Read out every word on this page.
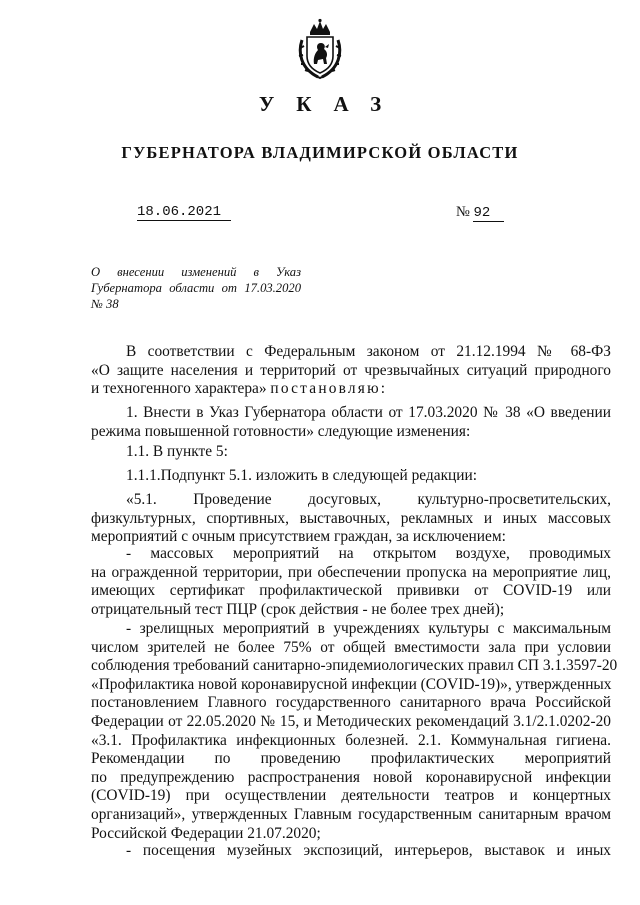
УКАЗ
ГУБЕРНАТОРА ВЛАДИМИРСКОЙ ОБЛАСТИ
18.06.2021	№ 92
О внесении изменений в Указ
Губернатора области от 17.03.2020
№ 38
В соответствии с Федеральным законом от 21.12.1994 № 68-ФЗ
«О защите населения и территорий от чрезвычайных ситуаций природного
и техногенного характера» постановляю:
1. Внести в Указ Губернатора области от 17.03.2020 № 38 «О введении
режима повышенной готовности» следующие изменения:
1.1. В пункте 5:
1.1.1.Подпункт 5.1. изложить в следующей редакции:
«5.1. Проведение досуговых, культурно-просветительских,
физкультурных, спортивных, выставочных, рекламных и иных массовых
мероприятий с очным присутствием граждан, за исключением:
- массовых мероприятий на открытом воздухе, проводимых
на огражденной территории, при обеспечении пропуска на мероприятие лиц,
имеющих сертификат профилактической прививки от COVID-19 или
отрицательный тест ПЦР (срок действия - не более трех дней);
- зрелищных мероприятий в учреждениях культуры с максимальным
числом зрителей не более 75% от общей вместимости зала при условии
соблюдения требований санитарно-эпидемиологических правил СП 3.1.3597-20
«Профилактика новой коронавирусной инфекции (COVID-19)», утвержденных
постановлением Главного государственного санитарного врача Российской
Федерации от 22.05.2020 № 15, и Методических рекомендаций 3.1/2.1.0202-20
«3.1. Профилактика инфекционных болезней. 2.1. Коммунальная гигиена.
Рекомендации по проведению профилактических мероприятий
по предупреждению распространения новой коронавирусной инфекции
(COVID-19) при осуществлении деятельности театров и концертных
организаций», утвержденных Главным государственным санитарным врачом
Российской Федерации 21.07.2020;
- посещения музейных экспозиций, интерьеров, выставок и иных
